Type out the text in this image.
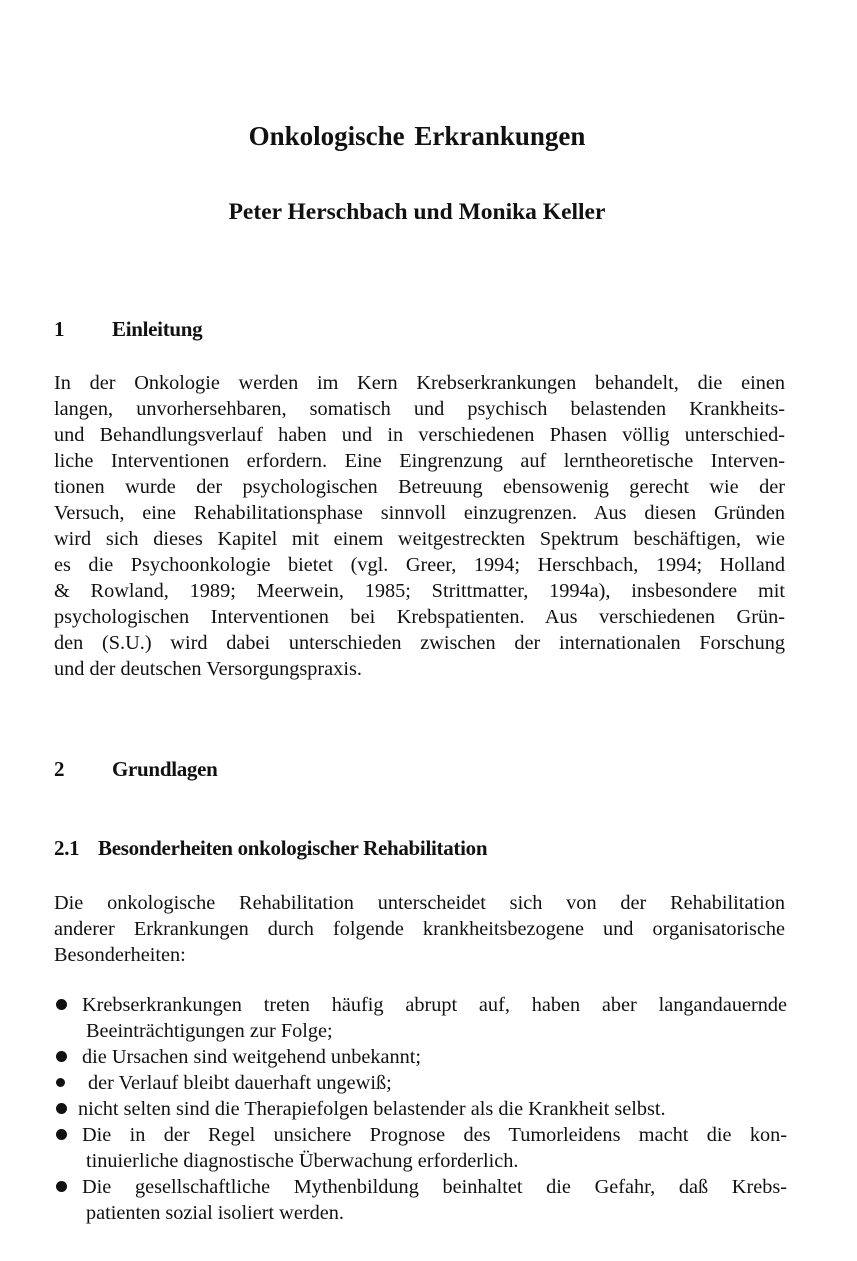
Onkologische Erkrankungen
Peter Herschbach und Monika Keller
1 Einleitung
In der Onkologie werden im Kern Krebserkrankungen behandelt, die einen
langen, unvorhersehbaren, somatisch und psychisch belastenden Krankheits-
und Behandlungsverlauf haben und in verschiedenen Phasen völlig unterschied-
liche Interventionen erfordern. Eine Eingrenzung auf lerntheoretische Interven-
tionen wurde der psychologischen Betreuung ebensowenig gerecht wie der
Versuch, eine Rehabilitationsphase sinnvoll einzugrenzen. Aus diesen Gründen
wird sich dieses Kapitel mit einem weitgestreckten Spektrum beschäftigen, wie
es die Psychoonkologie bietet (vgl. Greer, 1994; Herschbach, 1994; Holland
& Rowland, 1989; Meerwein, 1985; Strittmatter, 1994a), insbesondere mit
psychologischen Interventionen bei Krebspatienten. Aus verschiedenen Grün-
den (S.U.) wird dabei unterschieden zwischen der internationalen Forschung
und der deutschen Versorgungspraxis.
2 Grundlagen
2.1 Besonderheiten onkologischer Rehabilitation
Die onkologische Rehabilitation unterscheidet sich von der Rehabilitation
anderer Erkrankungen durch folgende krankheitsbezogene und organisatorische
Besonderheiten:
Krebserkrankungen treten häufig abrupt auf, haben aber langandauernde
Beeinträchtigungen zur Folge;
die Ursachen sind weitgehend unbekannt;
der Verlauf bleibt dauerhaft ungewiß;
nicht selten sind die Therapiefolgen belastender als die Krankheit selbst.
Die in der Regel unsichere Prognose des Tumorleidens macht die kon-
tinuierliche diagnostische Überwachung erforderlich.
Die gesellschaftliche Mythenbildung beinhaltet die Gefahr, daß Krebs-
patienten sozial isoliert werden.
